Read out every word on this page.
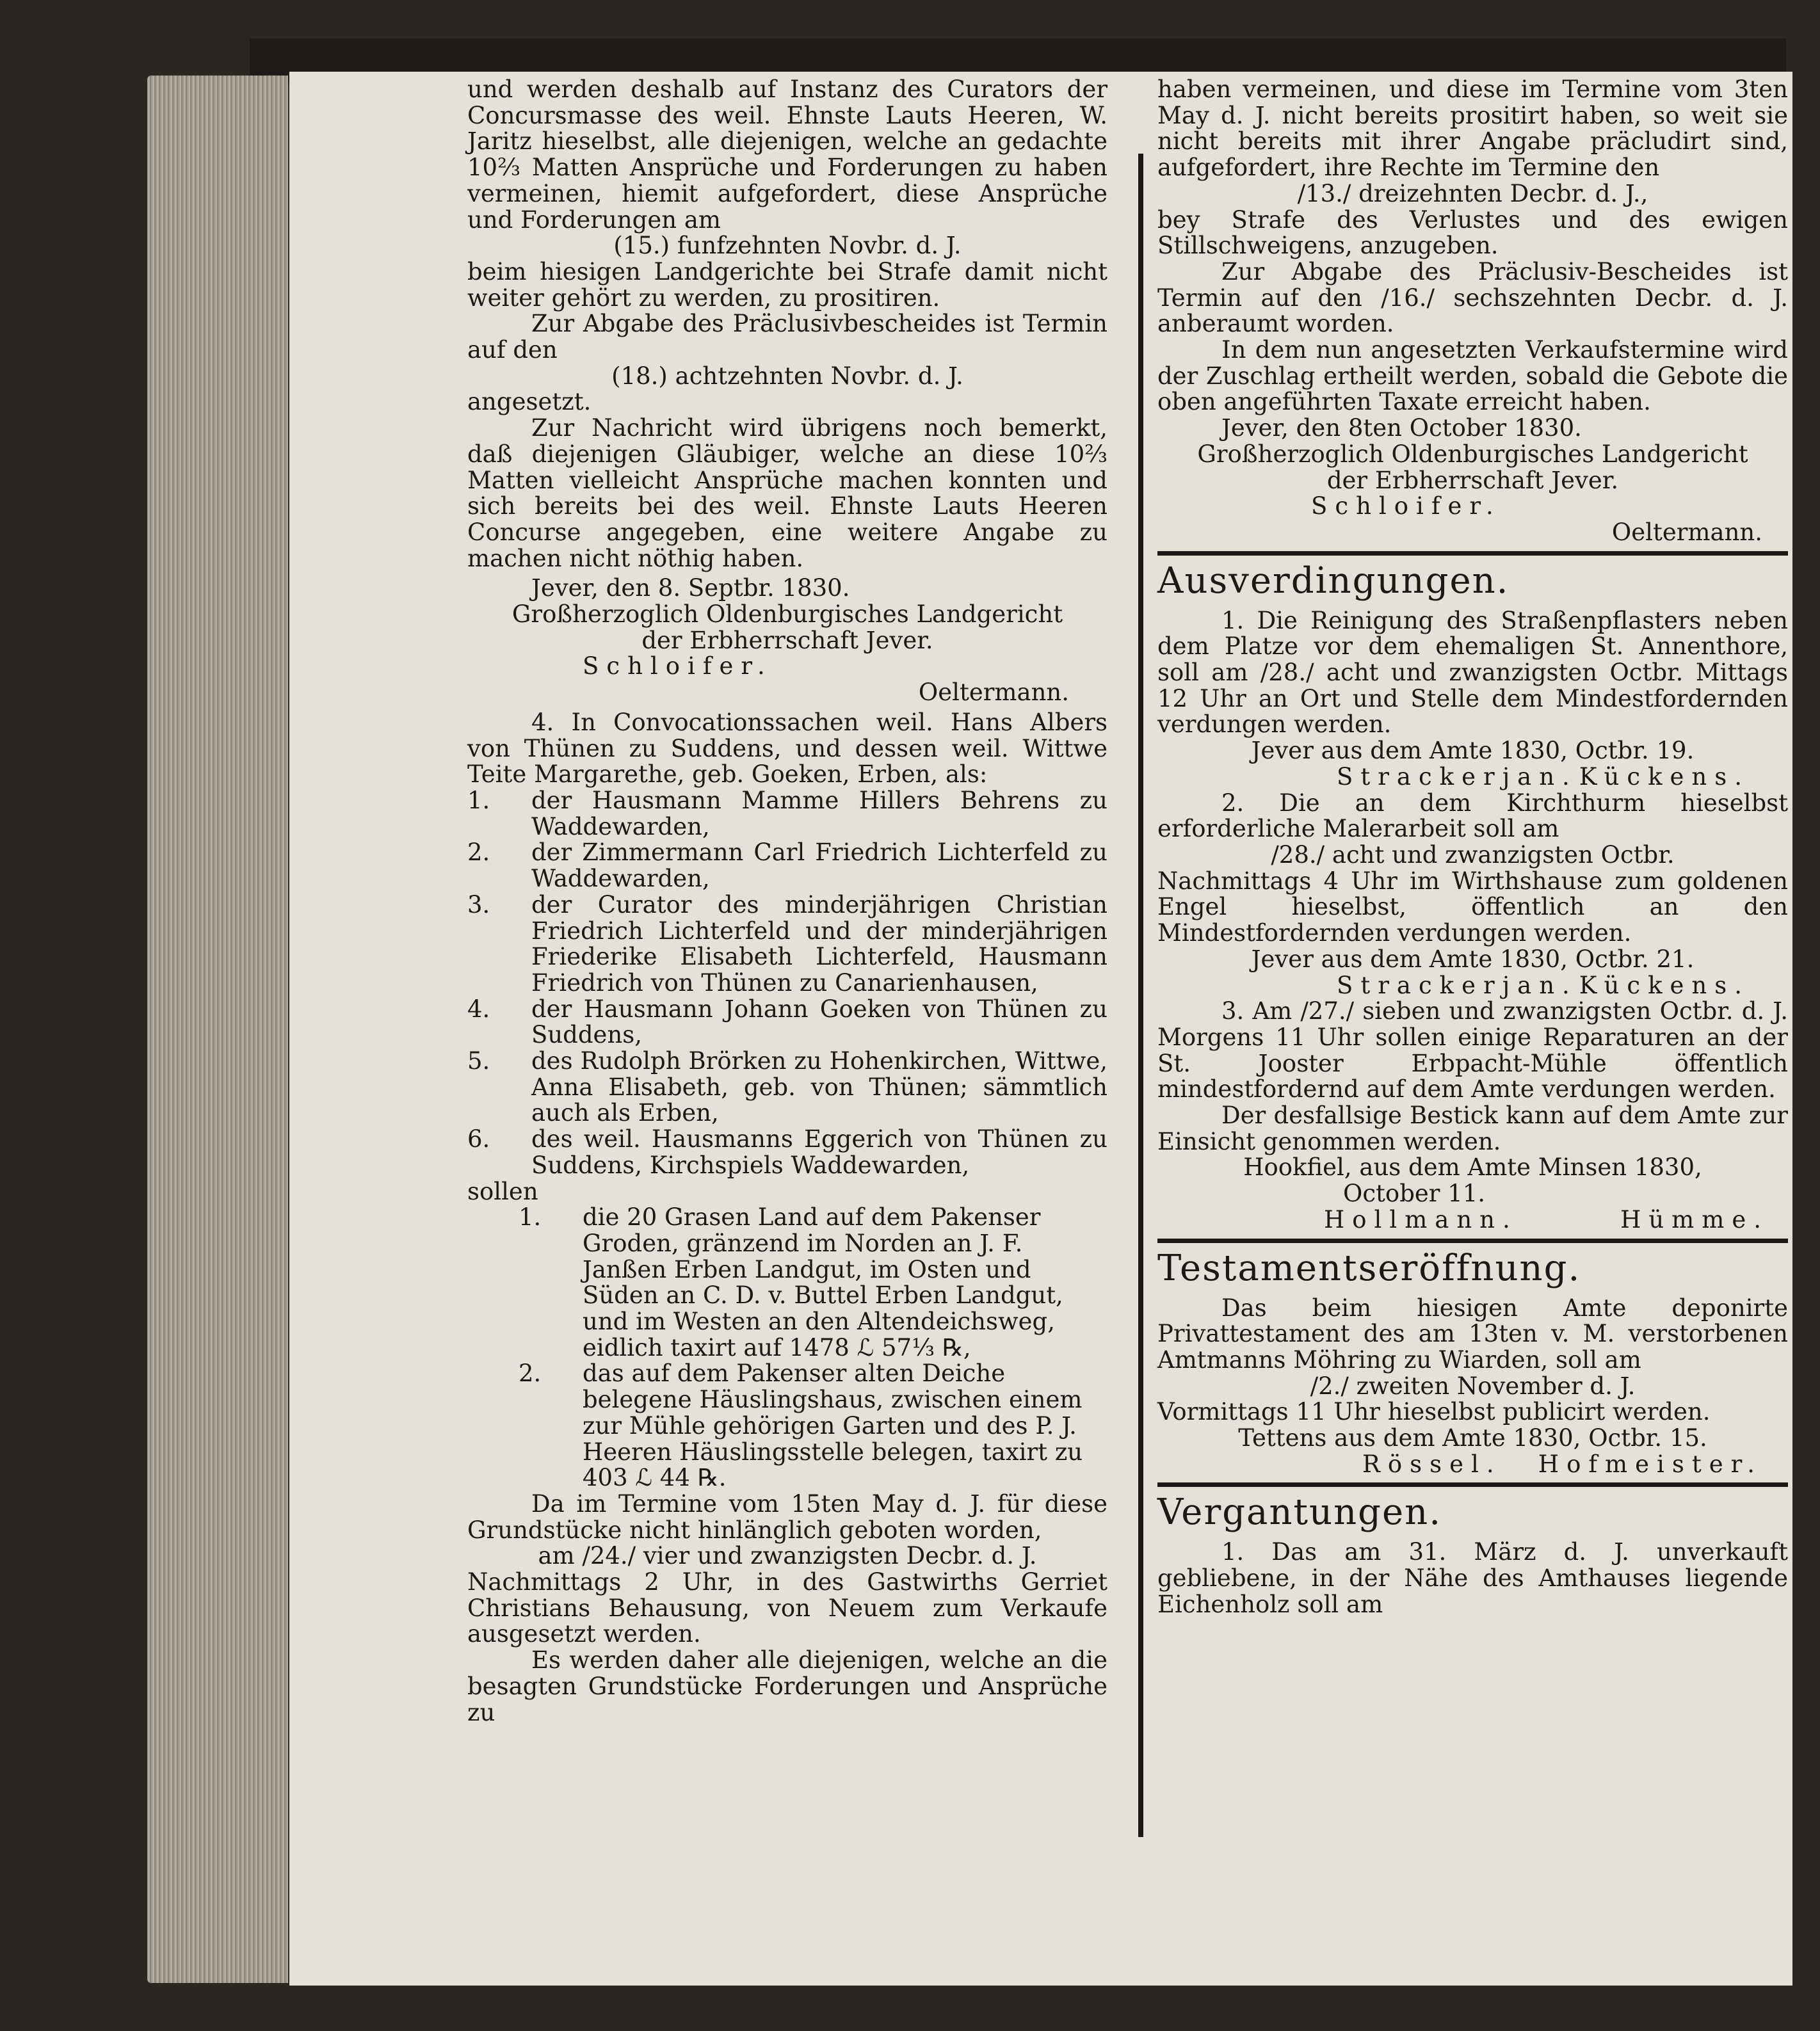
und werden deshalb auf Instanz des Curators der Concursmasse des weil. Ehnste Lauts Heeren, W. Jaritz hieselbst, alle diejenigen, welche an gedachte 10⅔ Matten Ansprüche und Forderungen zu haben vermeinen, hiemit aufgefordert, diese Ansprüche und Forderungen am

(15.) funfzehnten Novbr. d. J.

beim hiesigen Landgerichte bei Strafe damit nicht weiter gehört zu werden, zu prositiren.

Zur Abgabe des Präclusivbescheides ist Termin auf den

(18.) achtzehnten Novbr. d. J.

angesetzt.

Zur Nachricht wird übrigens noch bemerkt, daß diejenigen Gläubiger, welche an diese 10⅔ Matten vielleicht Ansprüche machen konnten und sich bereits bei des weil. Ehnste Lauts Heeren Concurse angegeben, eine weitere Angabe zu machen nicht nöthig haben.

Jever, den 8. Septbr. 1830.

Großherzoglich Oldenburgisches Landgericht

der Erbherrschaft Jever.

Schloifer.

Oeltermann.

4. In Convocationssachen weil. Hans Albers von Thünen zu Suddens, und dessen weil. Wittwe Teite Margarethe, geb. Goeken, Erben, als:

1.	der Hausmann Mamme Hillers Behrens zu Waddewarden,
2.	der Zimmermann Carl Friedrich Lichterfeld zu Waddewarden,
3.	der Curator des minderjährigen Christian Friedrich Lichterfeld und der minderjährigen Friederike Elisabeth Lichterfeld, Hausmann Friedrich von Thünen zu Canarienhausen,
4.	der Hausmann Johann Goeken von Thünen zu Suddens,
5.	des Rudolph Brörken zu Hohenkirchen, Wittwe, Anna Elisabeth, geb. von Thünen; sämmtlich auch als Erben,
6.	des weil. Hausmanns Eggerich von Thünen zu Suddens, Kirchspiels Waddewarden,

sollen

1.	die 20 Grasen Land auf dem Pakenser Groden, gränzend im Norden an J. F. Janßen Erben Landgut, im Osten und Süden an C. D. v. Buttel Erben Landgut, und im Westen an den Altendeichsweg, eidlich taxirt auf 1478 ℒ 57⅓ ℞,
2.	das auf dem Pakenser alten Deiche belegene Häuslingshaus, zwischen einem zur Mühle gehörigen Garten und des P. J. Heeren Häuslingsstelle belegen, taxirt zu 403 ℒ 44 ℞.

Da im Termine vom 15ten May d. J. für diese Grundstücke nicht hinlänglich geboten worden,

am /24./ vier und zwanzigsten Decbr. d. J.

Nachmittags 2 Uhr, in des Gastwirths Gerriet Christians Behausung, von Neuem zum Verkaufe ausgesetzt werden.

Es werden daher alle diejenigen, welche an die besagten Grundstücke Forderungen und Ansprüche zu

haben vermeinen, und diese im Termine vom 3ten May d. J. nicht bereits prositirt haben, so weit sie nicht bereits mit ihrer Angabe präcludirt sind, aufgefordert, ihre Rechte im Termine den

/13./ dreizehnten Decbr. d. J.,

bey Strafe des Verlustes und des ewigen Stillschweigens, anzugeben.

Zur Abgabe des Präclusiv-Bescheides ist Termin auf den /16./ sechszehnten Decbr. d. J. anberaumt worden.

In dem nun angesetzten Verkaufstermine wird der Zuschlag ertheilt werden, sobald die Gebote die oben angeführten Taxate erreicht haben.

Jever, den 8ten October 1830.

Großherzoglich Oldenburgisches Landgericht

der Erbherrschaft Jever.

Schloifer.

Oeltermann.

Ausverdingungen.

1. Die Reinigung des Straßenpflasters neben dem Platze vor dem ehemaligen St. Annenthore, soll am /28./ acht und zwanzigsten Octbr. Mittags 12 Uhr an Ort und Stelle dem Mindestfordernden verdungen werden.

Jever aus dem Amte 1830, Octbr. 19.

Strackerjan. Kückens.

2. Die an dem Kirchthurm hieselbst erforderliche Malerarbeit soll am

/28./ acht und zwanzigsten Octbr.

Nachmittags 4 Uhr im Wirthshause zum goldenen Engel hieselbst, öffentlich an den Mindestfordernden verdungen werden.

Jever aus dem Amte 1830, Octbr. 21.

Strackerjan. Kückens.

3. Am /27./ sieben und zwanzigsten Octbr. d. J. Morgens 11 Uhr sollen einige Reparaturen an der St. Jooster Erbpacht-Mühle öffentlich mindestfordernd auf dem Amte verdungen werden.

Der desfallsige Bestick kann auf dem Amte zur Einsicht genommen werden.

Hookfiel, aus dem Amte Minsen 1830,

October 11.

Hollmann.	Hümme.

Testamentseröffnung.

Das beim hiesigen Amte deponirte Privattestament des am 13ten v. M. verstorbenen Amtmanns Möhring zu Wiarden, soll am

/2./ zweiten November d. J.

Vormittags 11 Uhr hieselbst publicirt werden.

Tettens aus dem Amte 1830, Octbr. 15.

Rössel. Hofmeister.

Vergantungen.

1. Das am 31. März d. J. unverkauft gebliebene, in der Nähe des Amthauses liegende Eichenholz soll am
